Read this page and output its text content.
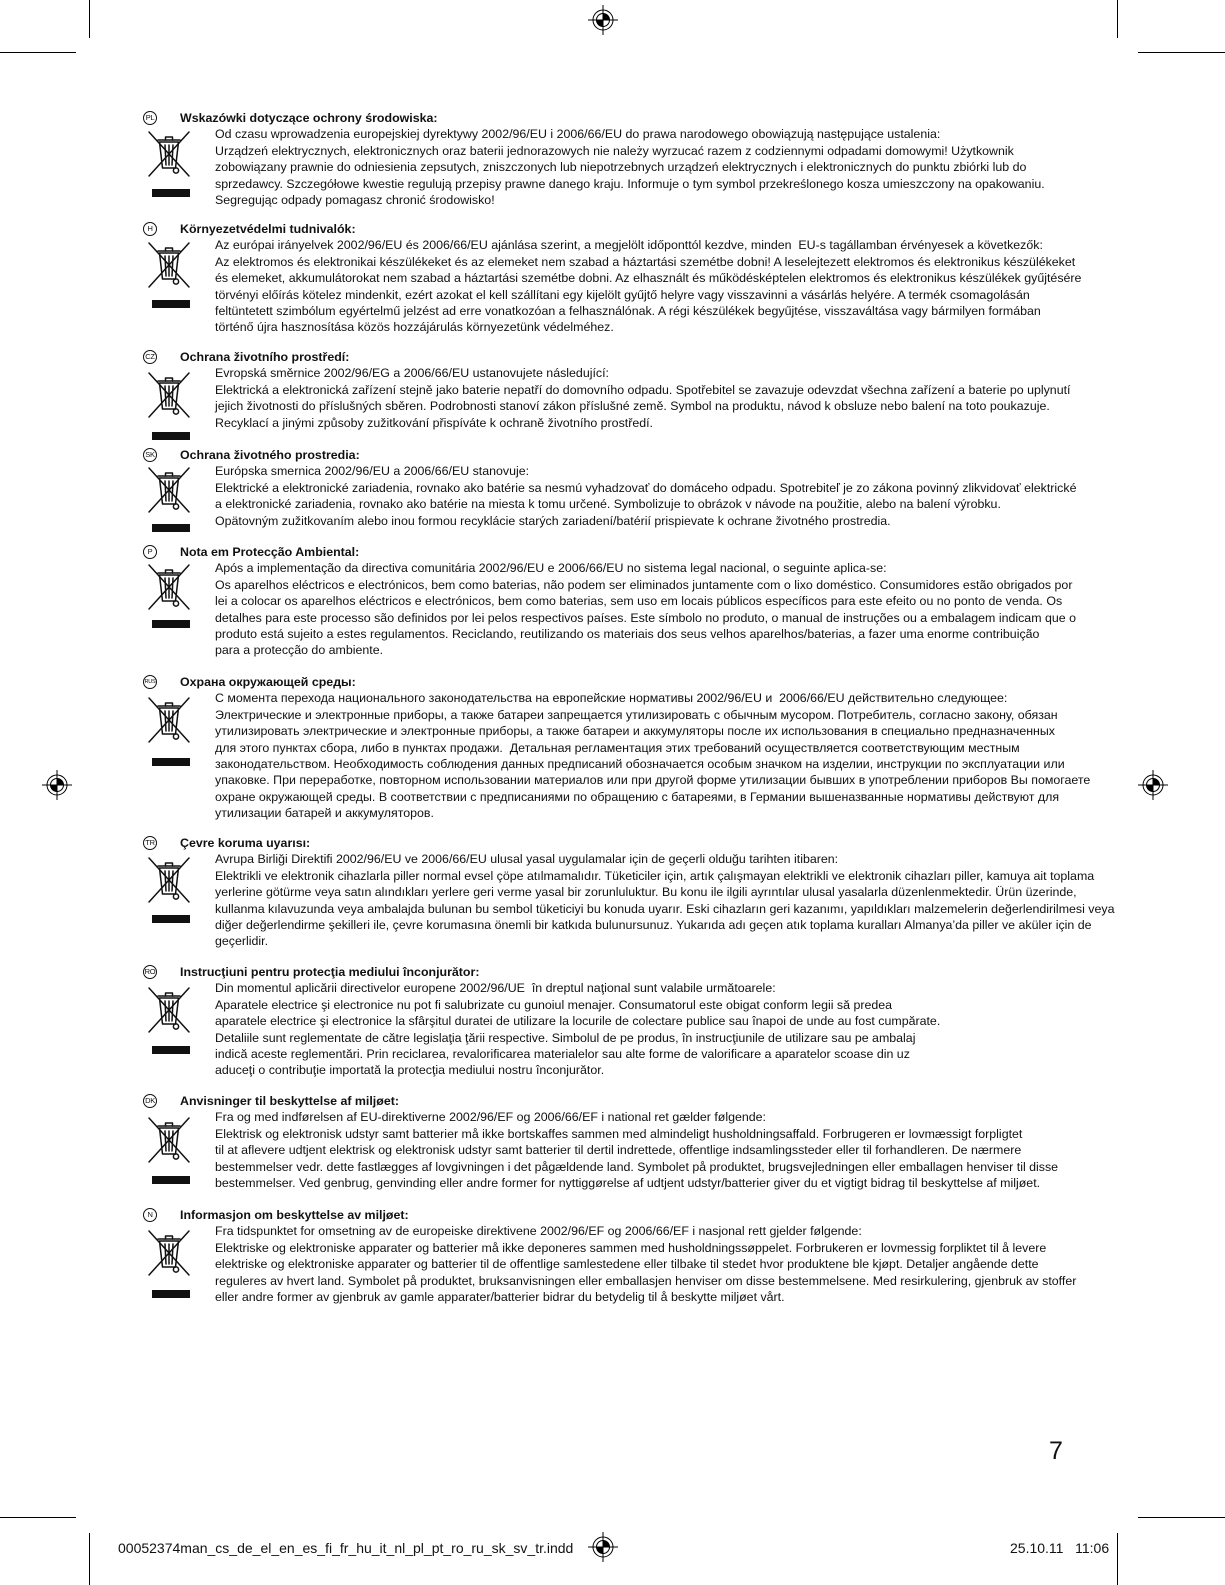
PL Wskazówki dotyczące ochrony środowiska:
Od czasu wprowadzenia europejskiej dyrektywy 2002/96/EU i 2006/66/EU do prawa narodowego obowiązują następujące ustalenia:
Urządzeń elektrycznych, elektronicznych oraz baterii jednorazowych nie należy wyrzucać razem z codziennymi odpadami domowymi! Użytkownik
zobowiązany prawnie do odniesienia zepsutych, zniszczonych lub niepotrzebnych urządzeń elektrycznych i elektronicznych do punktu zbiórki lub do
sprzedawcy. Szczegółowe kwestie regulują przepisy prawne danego kraju. Informuje o tym symbol przekreślonego kosza umieszczony na opakowaniu.
Segregując odpady pomagasz chronić środowisko!
H	Környezetvédelmi tudnivalók:
Az európai irányelvek 2002/96/EU és 2006/66/EU ajánlása szerint, a megjelölt időponttól kezdve, minden  EU-s tagállamban érvényesek a következők:
Az elektromos és elektronikai készülékeket és az elemeket nem szabad a háztartási szemétbe dobni! A leselejtezett elektromos és elektronikus készülékeket
és elemeket, akkumulátorokat nem szabad a háztartási szemétbe dobni. Az elhasznált és működésképtelen elektromos és elektronikus készülékek gyűjtésére
törvényi előírás kötelez mindenkit, ezért azokat el kell szállítani egy kijelölt gyűjtő helyre vagy visszavinni a vásárlás helyére. A termék csomagolásán
feltüntetett szimbólum egyértelmű jelzést ad erre vonatkozóan a felhasználónak. A régi készülékek begyűjtése, visszaváltása vagy bármilyen formában
történő újra hasznosítása közös hozzájárulás környezetünk védelméhez.
CZ Ochrana životního prostředí:
Evropská směrnice 2002/96/EG a 2006/66/EU ustanovujete následující:
Elektrická a elektronická zařízení stejně jako baterie nepatří do domovního odpadu. Spotřebitel se zavazuje odevzdat všechna zařízení a baterie po uplynutí
jejich životnosti do příslušných sběren. Podrobnosti stanoví zákon příslušné země. Symbol na produktu, návod k obsluze nebo balení na toto poukazuje.
Recyklací a jinými způsoby zužitkování přispíváte k ochraně životního prostředí.
SK Ochrana životného prostredia:
Európska smernica 2002/96/EU a 2006/66/EU stanovuje:
Elektrické a elektronické zariadenia, rovnako ako batérie sa nesmú vyhadzovať do domáceho odpadu. Spotrebiteľ je zo zákona povinný zlikvidovať elektrické
a elektronické zariadenia, rovnako ako batérie na miesta k tomu určené. Symbolizuje to obrázok v návode na použitie, alebo na balení výrobku.
Opätovným zužitkovaním alebo inou formou recyklácie starých zariadení/batérií prispievate k ochrane životného prostredia.
P	Nota em Protecção Ambiental:
Após a implementação da directiva comunitária 2002/96/EU e 2006/66/EU no sistema legal nacional, o seguinte aplica-se:
Os aparelhos eléctricos e electrónicos, bem como baterias, não podem ser eliminados juntamente com o lixo doméstico. Consumidores estão obrigados por
lei a colocar os aparelhos eléctricos e electrónicos, bem como baterias, sem uso em locais públicos específicos para este efeito ou no ponto de venda. Os
detalhes para este processo são definidos por lei pelos respectivos países. Este símbolo no produto, o manual de instruções ou a embalagem indicam que o
produto está sujeito a estes regulamentos. Reciclando, reutilizando os materiais dos seus velhos aparelhos/baterias, a fazer uma enorme contribuição
para a protecção do ambiente.
RUS Охрана окружающей среды:
С момента перехода национального законодательства на европейские нормативы 2002/96/EU и  2006/66/EU действительно следующее:
Электрические и электронные приборы, а также батареи запрещается утилизировать с обычным мусором. Потребитель, согласно закону, обязан
утилизировать электрические и электронные приборы, а также батареи и аккумуляторы после их использования в специально предназначенных
для этого пунктах сбора, либо в пунктах продажи.  Детальная регламентация этих требований осуществляется соответствующим местным
законодательством. Необходимость соблюдения данных предписаний обозначается особым значком на изделии, инструкции по эксплуатации или
упаковке. При переработке, повторном использовании материалов или при другой форме утилизации бывших в употреблении приборов Вы помогаете
охране окружающей среды. В соответствии с предписаниями по обращению с батареями, в Германии вышеназванные нормативы действуют для
утилизации батарей и аккумуляторов.
TR Çevre koruma uyarısı:
Avrupa Birliği Direktifi 2002/96/EU ve 2006/66/EU ulusal yasal uygulamalar için de geçerli olduğu tarihten itibaren:
Elektrikli ve elektronik cihazlarla piller normal evsel çöpe atılmamalıdır. Tüketiciler için, artık çalışmayan elektrikli ve elektronik cihazları piller, kamuya ait toplama
yerlerine götürme veya satın alındıkları yerlere geri verme yasal bir zorunluluktur. Bu konu ile ilgili ayrıntılar ulusal yasalarla düzenlenmektedir. Ürün üzerinde,
kullanma kılavuzunda veya ambalajda bulunan bu sembol tüketiciyi bu konuda uyarır. Eski cihazların geri kazanımı, yapıldıkları malzemelerin değerlendirilmesi veya
diğer değerlendirme şekilleri ile, çevre korumasına önemli bir katkıda bulunursunuz. Yukarıda adı geçen atık toplama kuralları Almanya’da piller ve aküler için de
geçerlidir.
RO Instrucţiuni pentru protecţia mediului înconjurător:
Din momentul aplicării directivelor europene 2002/96/UE  în dreptul naţional sunt valabile următoarele:
Aparatele electrice şi electronice nu pot fi salubrizate cu gunoiul menajer. Consumatorul este obigat conform legii să predea
aparatele electrice şi electronice la sfârşitul duratei de utilizare la locurile de colectare publice sau înapoi de unde au fost cumpărate.
Detaliile sunt reglementate de către legislaţia ţării respective. Simbolul de pe produs, în instrucţiunile de utilizare sau pe ambalaj
indică aceste reglementări. Prin reciclarea, revalorificarea materialelor sau alte forme de valorificare a aparatelor scoase din uz
aduceţi o contribuţie importată la protecţia mediului nostru înconjurător.
DK Anvisninger til beskyttelse af miljøet:
Fra og med indførelsen af EU-direktiverne 2002/96/EF og 2006/66/EF i national ret gælder følgende:
Elektrisk og elektronisk udstyr samt batterier må ikke bortskaffes sammen med almindeligt husholdningsaffald. Forbrugeren er lovmæssigt forpligtet
til at aflevere udtjent elektrisk og elektronisk udstyr samt batterier til dertil indrettede, offentlige indsamlingssteder eller til forhandleren. De nærmere
bestemmelser vedr. dette fastlægges af lovgivningen i det pågældende land. Symbolet på produktet, brugsvejledningen eller emballagen henviser til disse
bestemmelser. Ved genbrug, genvinding eller andre former for nyttiggørelse af udtjent udstyr/batterier giver du et vigtigt bidrag til beskyttelse af miljøet.
N	Informasjon om beskyttelse av miljøet:
Fra tidspunktet for omsetning av de europeiske direktivene 2002/96/EF og 2006/66/EF i nasjonal rett gjelder følgende:
Elektriske og elektroniske apparater og batterier må ikke deponeres sammen med husholdningssøppelet. Forbrukeren er lovmessig forpliktet til å levere
elektriske og elektroniske apparater og batterier til de offentlige samlestedene eller tilbake til stedet hvor produktene ble kjøpt. Detaljer angående dette
reguleres av hvert land. Symbolet på produktet, bruksanvisningen eller emballasjen henviser om disse bestemmelsene. Med resirkulering, gjenbruk av stoffer
eller andre former av gjenbruk av gamle apparater/batterier bidrar du betydelig til å beskytte miljøet vårt.
7
00052374man_cs_de_el_en_es_fi_fr_hu_it_nl_pl_pt_ro_ru_sk_sv_tr.indd	25.10.11   11:06
